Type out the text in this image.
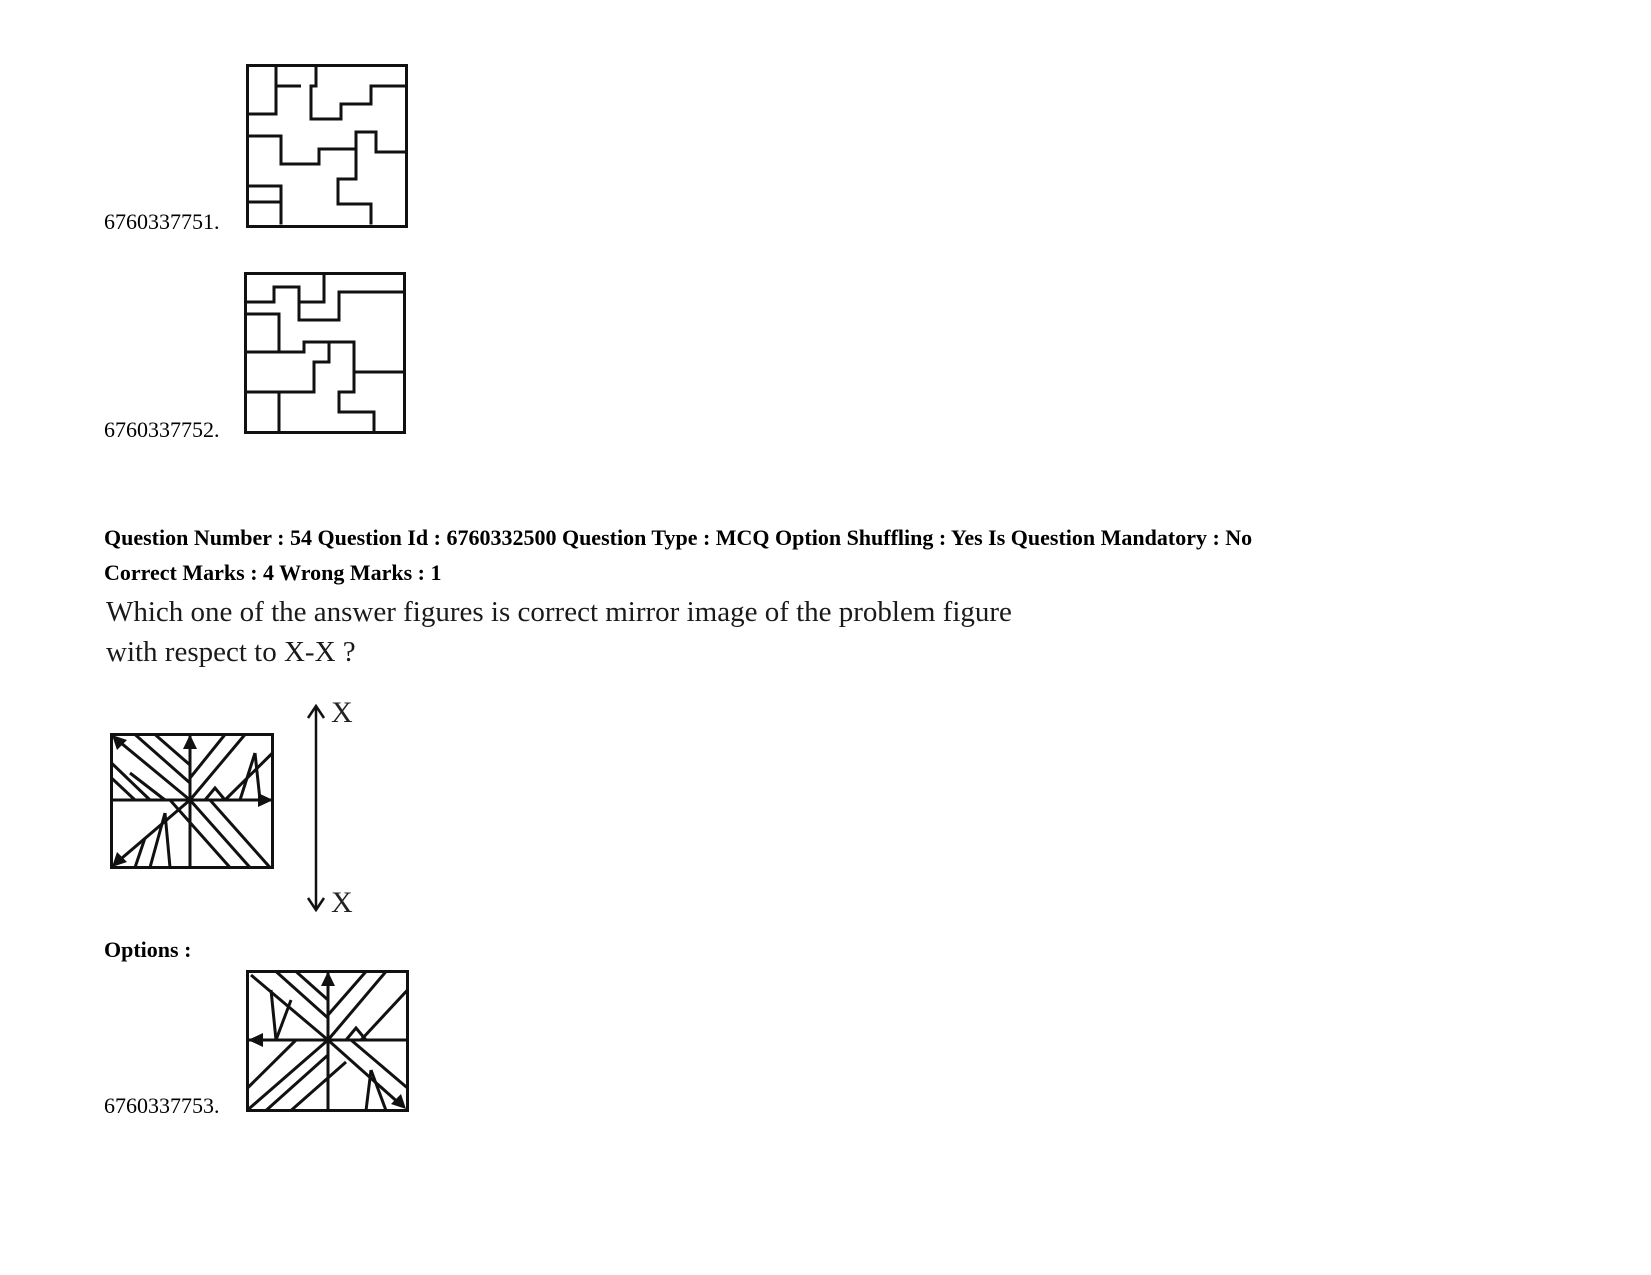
6760337751.
6760337752.
Question Number : 54 Question Id : 6760332500 Question Type : MCQ Option Shuffling : Yes Is Question Mandatory : No
Correct Marks : 4 Wrong Marks : 1
Which one of the answer figures is correct mirror image of the problem figure
with respect to X-X ?
X
X
Options :
6760337753.
